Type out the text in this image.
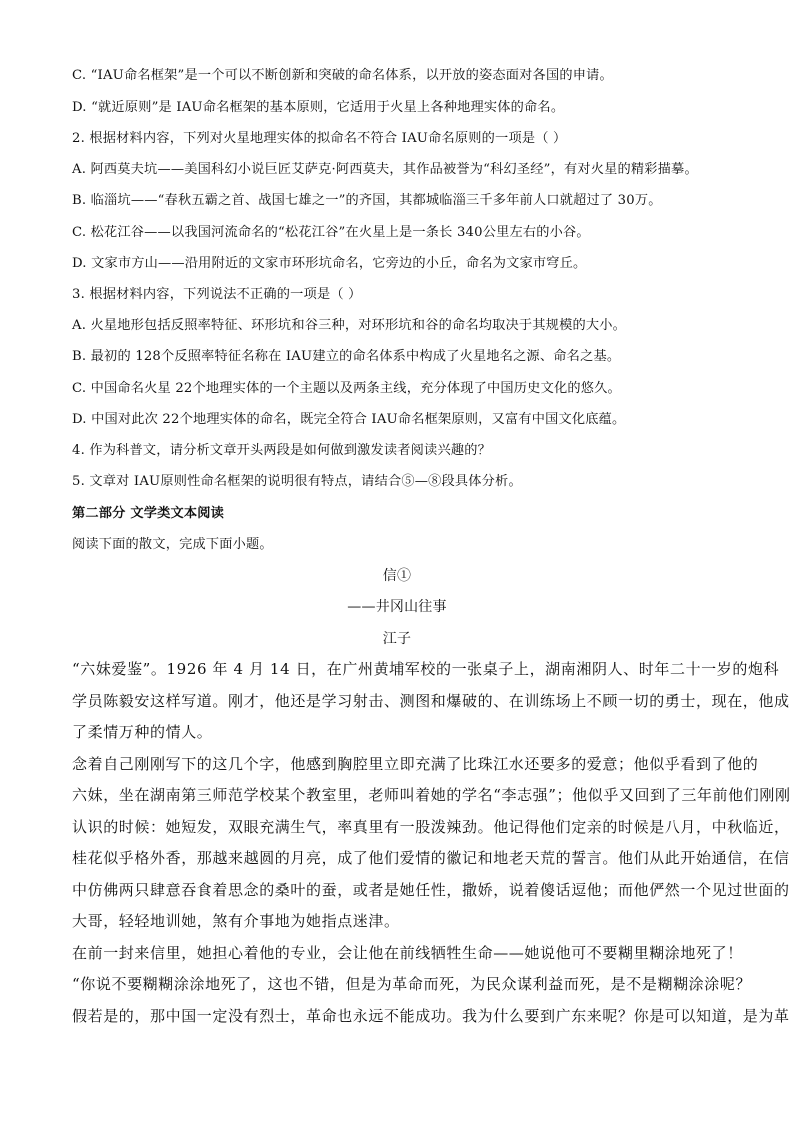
C. “IAU命名框架”是一个可以不断创新和突破的命名体系，以开放的姿态面对各国的申请。
D. “就近原则”是 IAU命名框架的基本原则，它适用于火星上各种地理实体的命名。
2. 根据材料内容，下列对火星地理实体的拟命名不符合 IAU命名原则的一项是（ ）
A. 阿西莫夫坑——美国科幻小说巨匠艾萨克·阿西莫夫，其作品被誉为“科幻圣经”，有对火星的精彩描摹。
B. 临淄坑——“春秋五霸之首、战国七雄之一”的齐国，其都城临淄三千多年前人口就超过了 30万。
C. 松花江谷——以我国河流命名的“松花江谷”在火星上是一条长 340公里左右的小谷。
D. 文家市方山——沿用附近的文家市环形坑命名，它旁边的小丘，命名为文家市穹丘。
3. 根据材料内容，下列说法不正确的一项是（ ）
A. 火星地形包括反照率特征、环形坑和谷三种，对环形坑和谷的命名均取决于其规模的大小。
B. 最初的 128个反照率特征名称在 IAU建立的命名体系中构成了火星地名之源、命名之基。
C. 中国命名火星 22个地理实体的一个主题以及两条主线，充分体现了中国历史文化的悠久。
D. 中国对此次 22个地理实体的命名，既完全符合 IAU命名框架原则，又富有中国文化底蕴。
4. 作为科普文，请分析文章开头两段是如何做到激发读者阅读兴趣的？
5. 文章对 IAU原则性命名框架的说明很有特点，请结合⑤—⑧段具体分析。
第二部分 文学类文本阅读
阅读下面的散文，完成下面小题。
信①
——井冈山往事
江子
“六妹爱鉴”。1926 年 4 月 14 日，在广州黄埔军校的一张桌子上，湖南湘阴人、时年二十一岁的炮科
学员陈毅安这样写道。刚才，他还是学习射击、测图和爆破的、在训练场上不顾一切的勇士，现在，他成
了柔情万种的情人。
念着自己刚刚写下的这几个字，他感到胸腔里立即充满了比珠江水还要多的爱意；他似乎看到了他的
六妹，坐在湖南第三师范学校某个教室里，老师叫着她的学名“李志强”；他似乎又回到了三年前他们刚刚
认识的时候：她短发，双眼充满生气，率真里有一股泼辣劲。他记得他们定亲的时候是八月，中秋临近，
桂花似乎格外香，那越来越圆的月亮，成了他们爱情的徽记和地老天荒的誓言。他们从此开始通信，在信
中仿佛两只肆意吞食着思念的桑叶的蚕，或者是她任性，撒娇，说着傻话逗他；而他俨然一个见过世面的
大哥，轻轻地训她，煞有介事地为她指点迷津。
在前一封来信里，她担心着他的专业，会让他在前线牺牲生命——她说他可不要糊里糊涂地死了！
“你说不要糊糊涂涂地死了，这也不错，但是为革命而死，为民众谋利益而死，是不是糊糊涂涂呢？
假若是的，那中国一定没有烈士，革命也永远不能成功。我为什么要到广东来呢？你是可以知道，是为革
